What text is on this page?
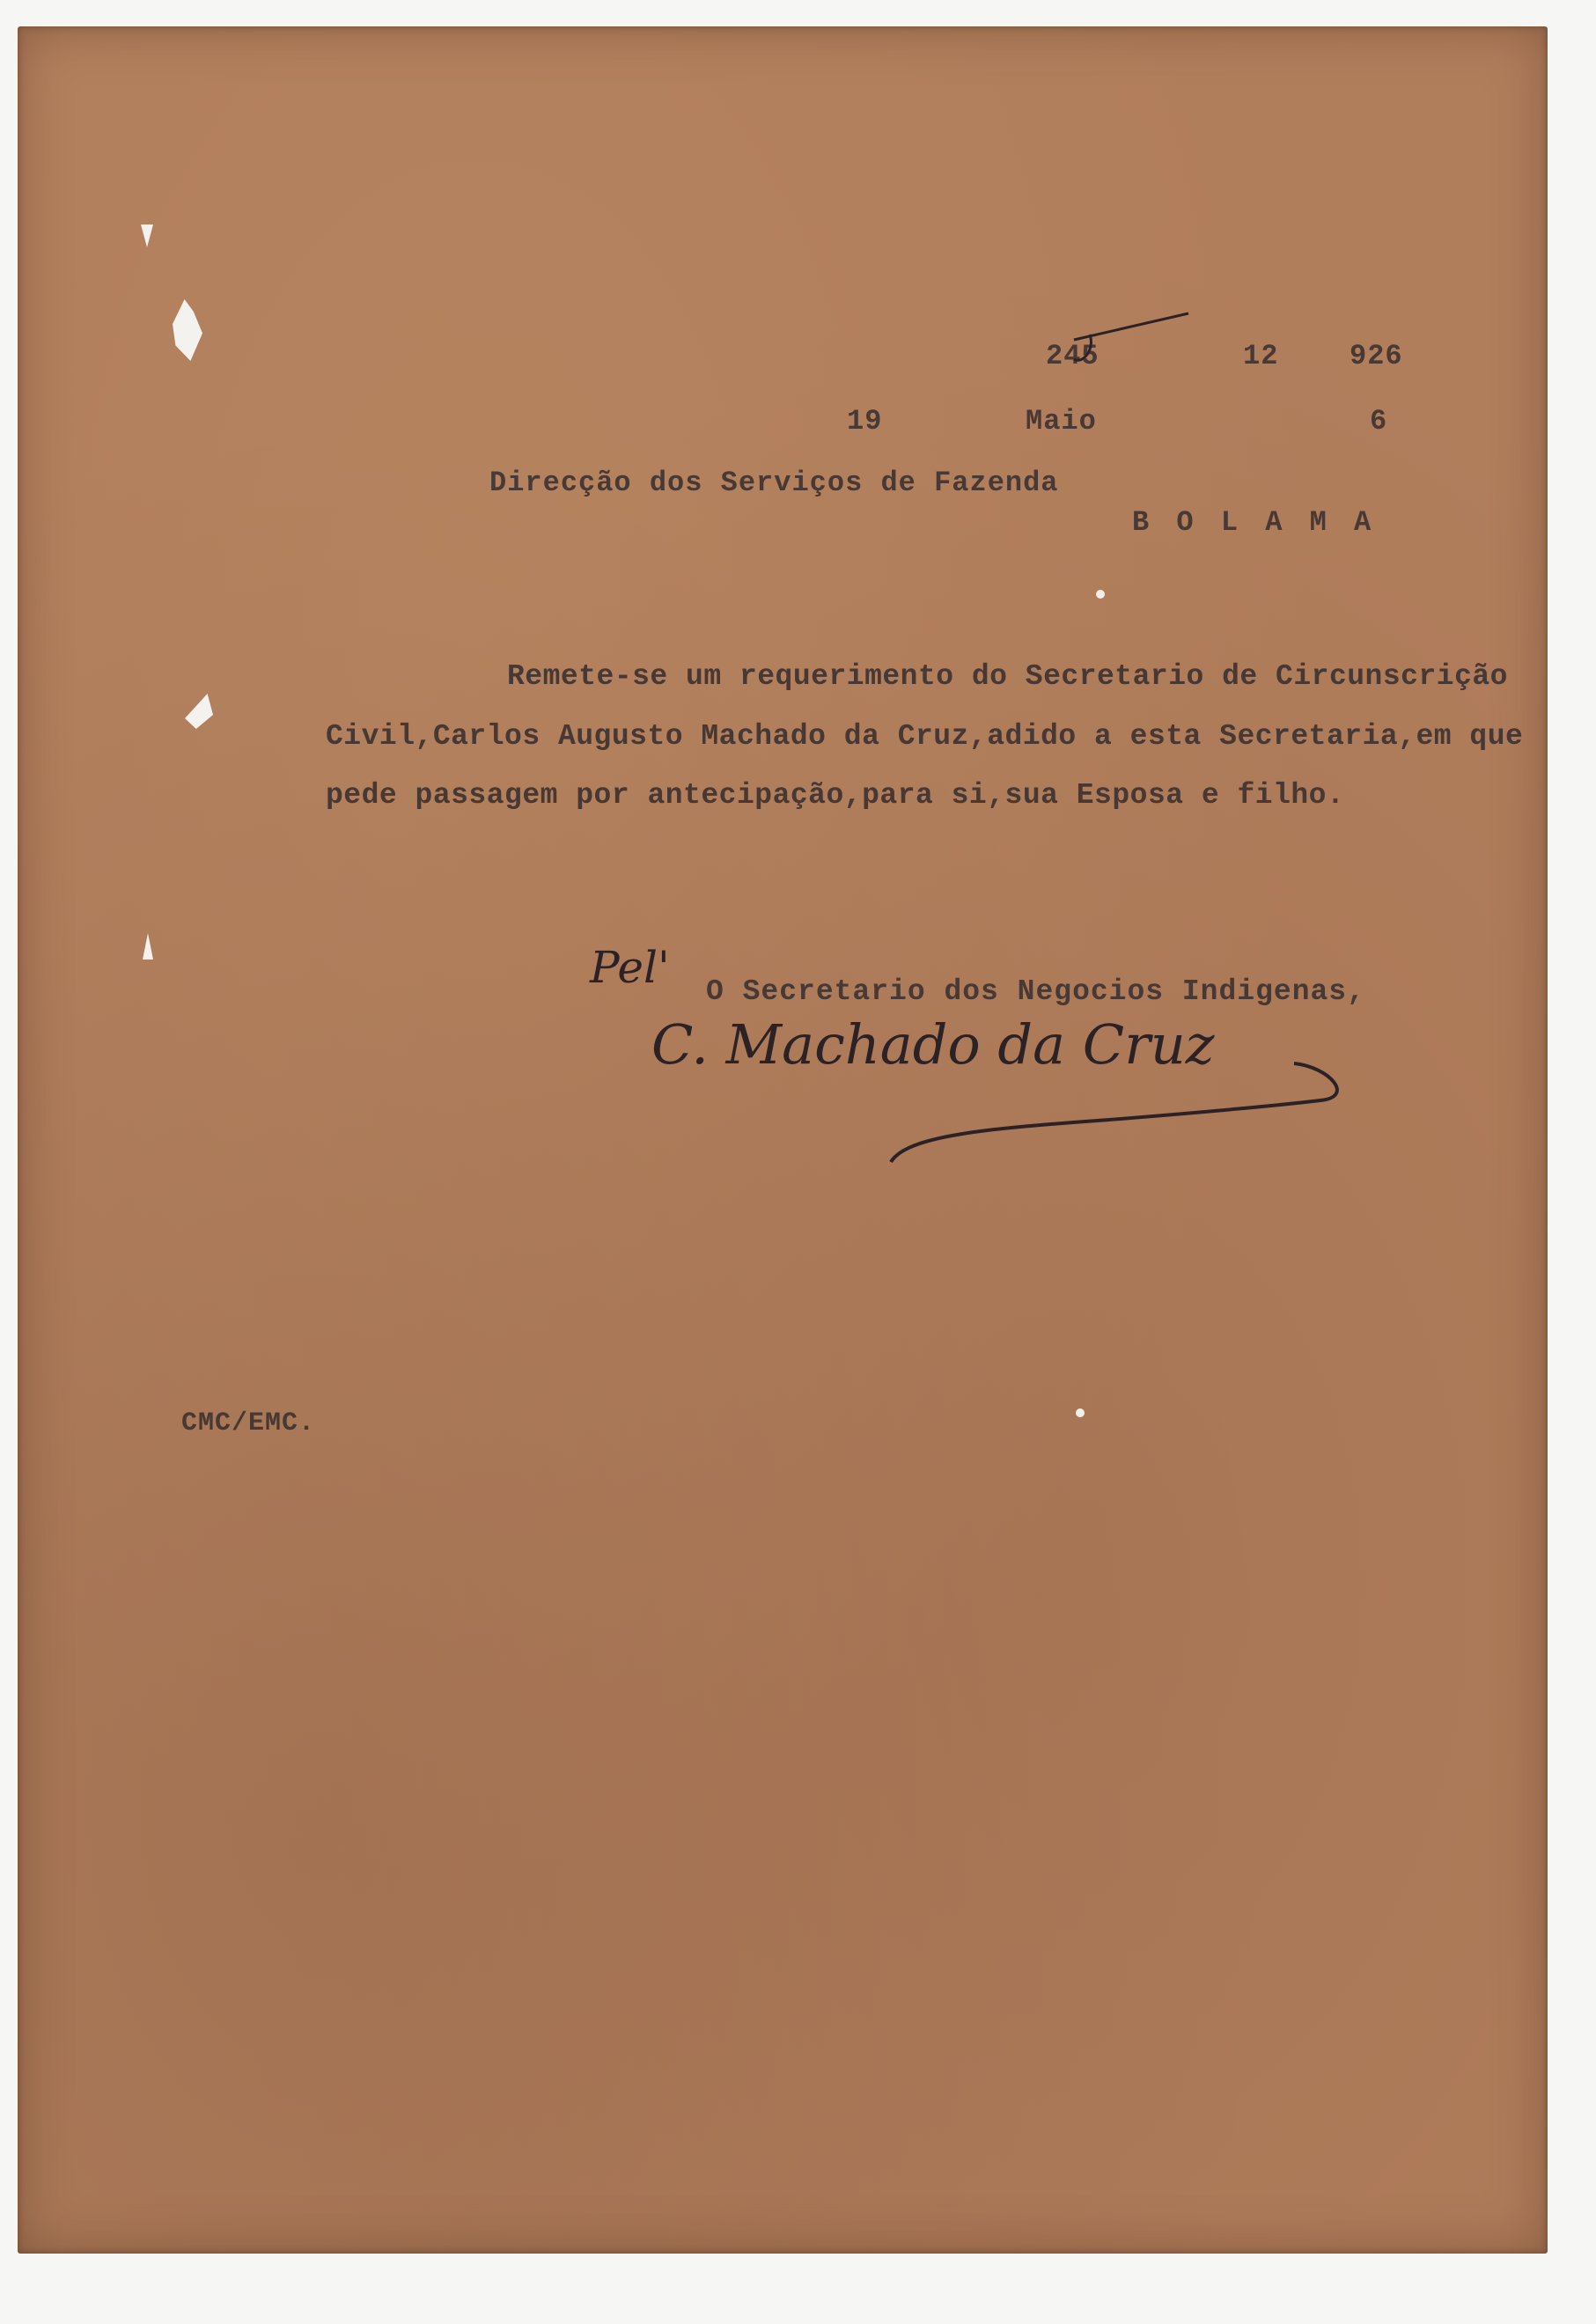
245	12	926
19	Maio	6
Direcção dos Serviços de Fazenda
B O L A M A
Remete-se um requerimento do Secretario de Circunscrição
Civil,Carlos Augusto Machado da Cruz,adido a esta Secretaria,em que
pede passagem por antecipação,para si,sua Esposa e filho.
Pel' O Secretario dos Negocios Indigenas,
C. Machado da Cruz
CMC/EMC.
